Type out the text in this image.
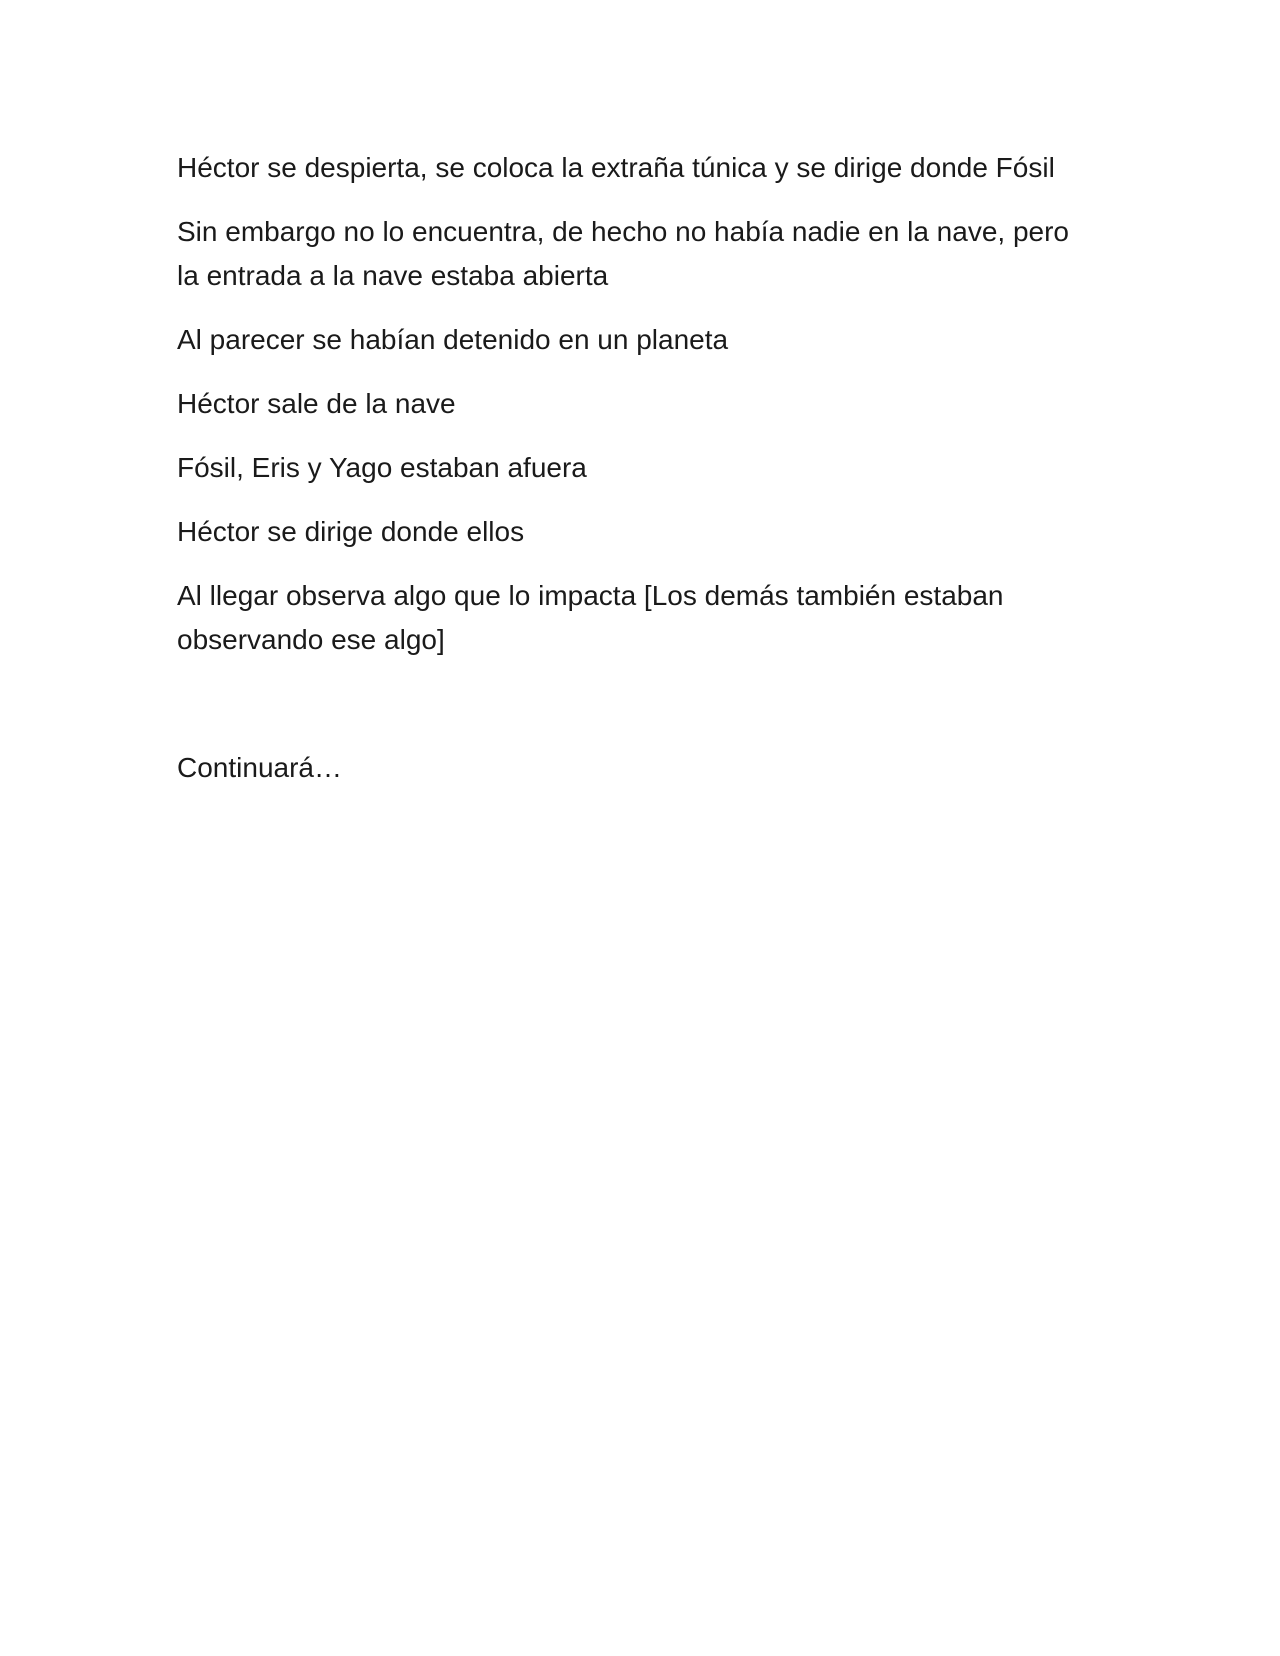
Héctor se despierta, se coloca la extraña túnica y se dirige donde Fósil

Sin embargo no lo encuentra, de hecho no había nadie en la nave, pero la entrada a la nave estaba abierta

Al parecer se habían detenido en un planeta

Héctor sale de la nave

Fósil, Eris y Yago estaban afuera

Héctor se dirige donde ellos

Al llegar observa algo que lo impacta [Los demás también estaban observando ese algo]

Continuará…
